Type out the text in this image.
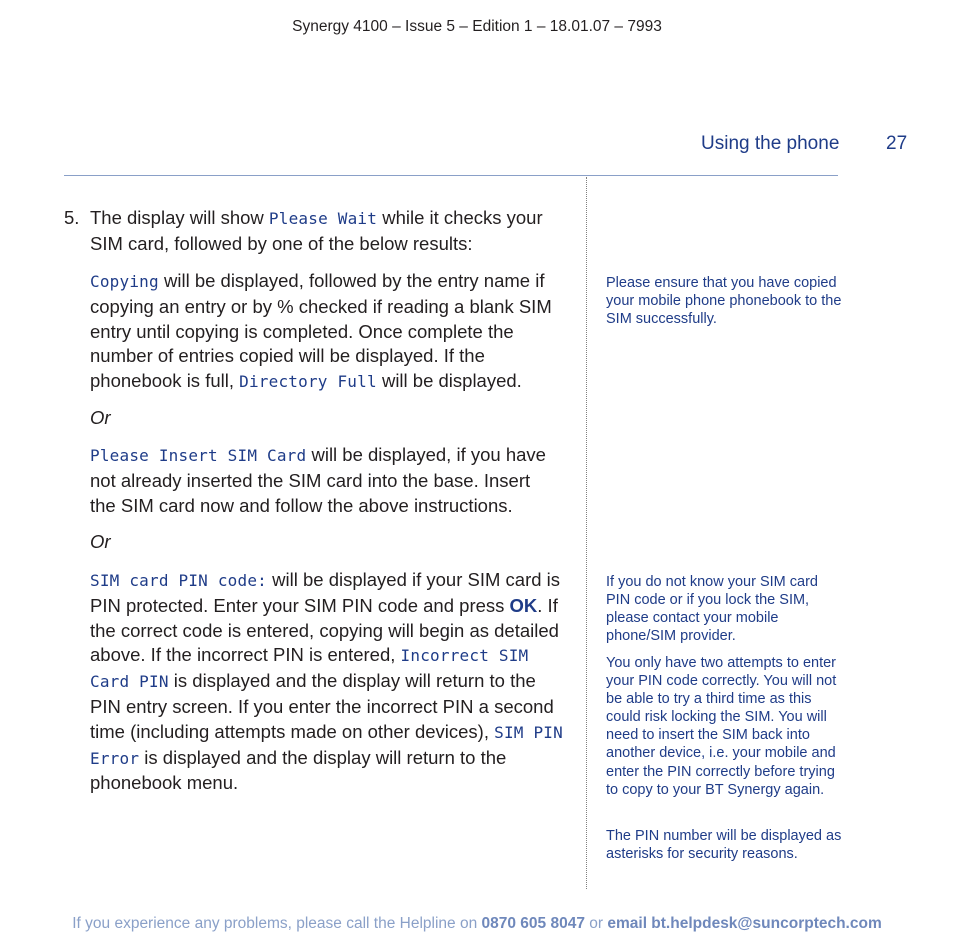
Synergy 4100 – Issue 5 – Edition 1 – 18.01.07 – 7993
Using the phone 27
5. The display will show Please Wait while it checks your SIM card, followed by one of the below results:
Copying will be displayed, followed by the entry name if copying an entry or by % checked if reading a blank SIM entry until copying is completed. Once complete the number of entries copied will be displayed. If the phonebook is full, Directory Full will be displayed.
Or
Please Insert SIM Card will be displayed, if you have not already inserted the SIM card into the base. Insert the SIM card now and follow the above instructions.
Or
SIM card PIN code: will be displayed if your SIM card is PIN protected. Enter your SIM PIN code and press OK. If the correct code is entered, copying will begin as detailed above. If the incorrect PIN is entered, Incorrect SIM Card PIN is displayed and the display will return to the PIN entry screen. If you enter the incorrect PIN a second time (including attempts made on other devices), SIM PIN Error is displayed and the display will return to the phonebook menu.
Please ensure that you have copied your mobile phone phonebook to the SIM successfully.
If you do not know your SIM card PIN code or if you lock the SIM, please contact your mobile phone/SIM provider.
You only have two attempts to enter your PIN code correctly. You will not be able to try a third time as this could risk locking the SIM. You will need to insert the SIM back into another device, i.e. your mobile and enter the PIN correctly before trying to copy to your BT Synergy again.
The PIN number will be displayed as asterisks for security reasons.
If you experience any problems, please call the Helpline on 0870 605 8047 or email bt.helpdesk@suncorptech.com
